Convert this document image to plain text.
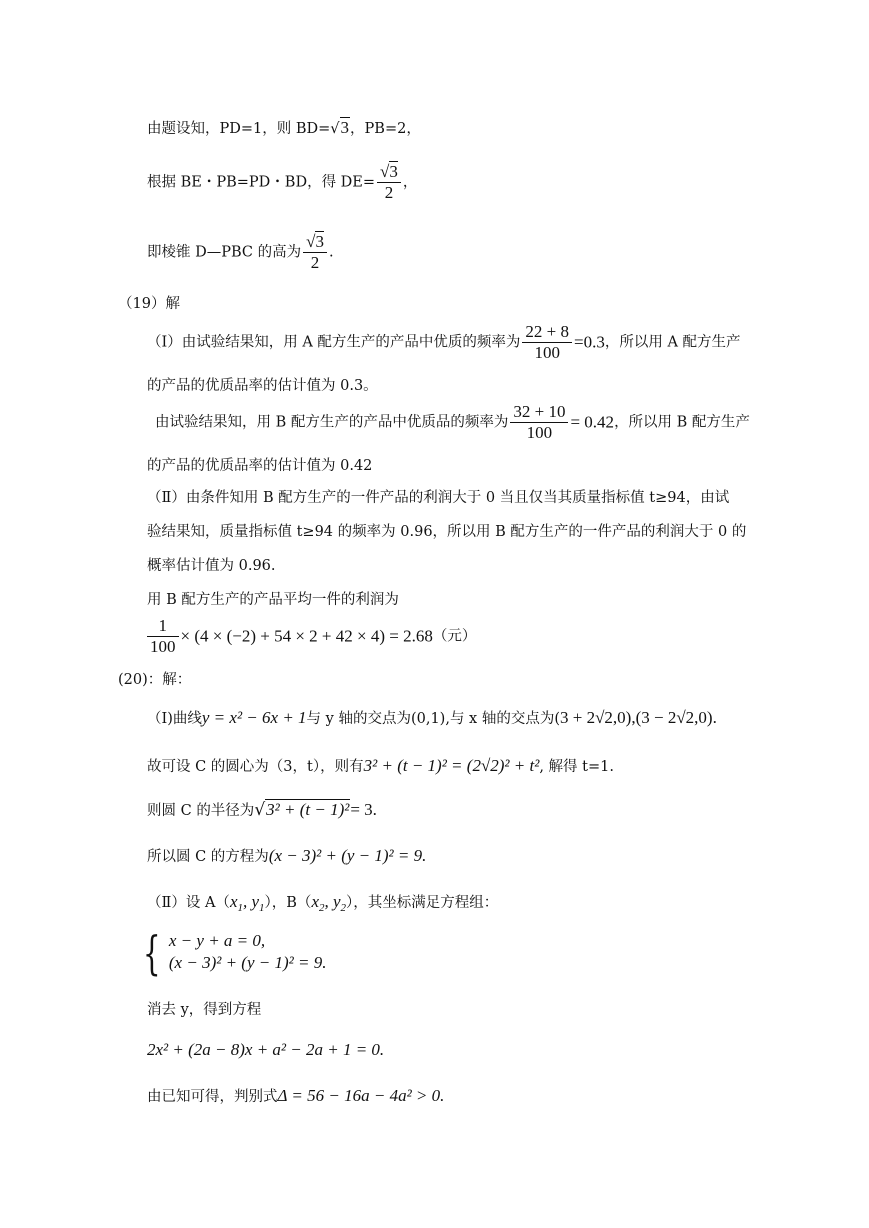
由题设知，PD=1，则 BD=√3，PB=2，
根据 BE・PB=PD・BD，得 $DE= \frac{√3}{2}$ ，
即棱锥 D—PBC 的高为 $\frac{√3}{2}$ .
（19）解
（Ⅰ）由试验结果知，用 A 配方生产的产品中优质的频率为 $\frac{22 + 8}{100} =0.3$，所以用 A 配方生产
的产品的优质品率的估计值为 0.3。
由试验结果知，用 B 配方生产的产品中优质品的频率为 $\frac{32 + 10}{100} = 0.42$，所以用 B 配方生产
的产品的优质品率的估计值为 0.42
（Ⅱ）由条件知用 B 配方生产的一件产品的利润大于 0 当且仅当其质量指标值 t≥94，由试
验结果知，质量指标值 t≥94 的频率为 0.96，所以用 B 配方生产的一件产品的利润大于 0 的
概率估计值为 0.96.
用 B 配方生产的产品平均一件的利润为
$\frac{1}{100} \times (4 \times (-2) + 54 \times 2 + 42 \times 4) = 2.68$（元）
(20)：解：
（Ⅰ)曲线y = x² − 6x + 1与 y 轴的交点为(0,1),与 x 轴的交点为(3 + 2√2,0),(3 − 2√2,0).
故可设 C 的圆心为（3，t），则有3² + (t − 1)² = (2√2)² + t², 解得 t=1.
则圆 C 的半径为√3² + (t − 1)²= 3.
所以圆 C 的方程为(x − 3)² + (y − 1)² = 9.
（Ⅱ）设 $A(x_1$, $y_1$），$B(x_2$, $y_2$），其坐标满足方程组：
{ x − y + a = 0,
(x − 3)² + (y − 1)² = 9.
消去 y，得到方程
2x² + (2a − 8)x + a² − 2a + 1 = 0.
由已知可得，判别式Δ = 56 − 16a − 4a² > 0.
